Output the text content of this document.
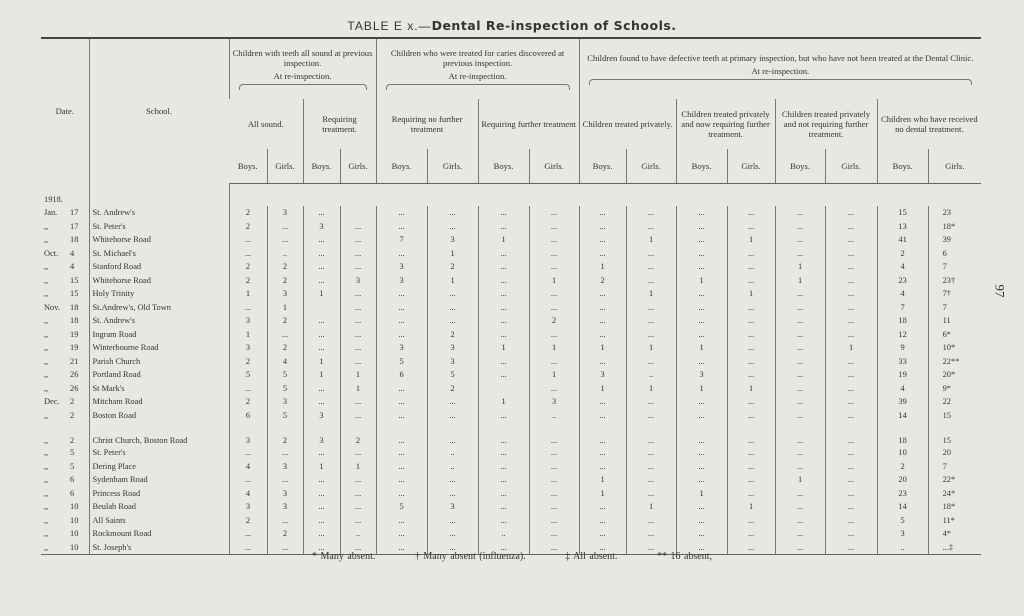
TABLE E x.—Dental Re-inspection of Schools.
97
Date.	School.	Children with teeth all sound at previous inspection.
At re-inspection.				Children who were treated for caries discovered at previous inspection.
At re-inspection.				Children found to have defective teeth at primary inspection, but who have not been treated at the Dental Clinic.
At re-inspection.							

		All sound.		Requiring treatment.		Requiring no further treatment		Requiring further treatment		Children treated privately.		Children treated privately and now requiring further treatment.		Children treated privately and not requiring further treatment.		Children who have received no dental treatment.	
		Boys.	Girls.	Boys.	Girls.	Boys.	Girls.	Boys.	Girls.	Boys.	Girls.	Boys.	Girls.	Boys.	Girls.	Boys.	Girls.
1918.																	
Jan. 17	St. Andrew's	2	3	...		...	...	...	...	...	...	...	...	...	...	15	23
,, 17	St. Peter's	2	...	3	...	...	...	...	...	...	...	...	...	...	...	13	18*
,, 18	Whitehorse Road	...	...	...	...	7	3	1	...	...	1	...	1	...	...	41	39
Oct. 4	St. Michael's	...	..	...	...	...	1	...	...	...	...	...	...	...	...	2	6
,, 4	Stanford Road	2	2	...	...	3	2	...	...	1	...	...	...	1	...	4	7
,, 15	Whitehorse Road	2	2	...	3	3	1	...	1	2	...	1	...	1	...	23	23†
,, 15	Holy Trinity	1	3	1	...	...	...	...	...	...	1	...	1	...	...	4	7†
Nov. 18	St.Andrew's, Old Town	...	1		...	...	...	...	...	...	...	...	...	...	...	7	7
,, 18	St. Andrew's	3	2	...	...	...	...	...	2	...	...	...	...	...	...	18	11
,, 19	Ingram Road	1	...	...	...	...	2	...	...	...	...	...	...	...	...	12	6*
,, 19	Winterbourne Road	3	2	...	...	3	3	1	1	1	1	1	...	...	1	9	10*
,, 21	Parish Church	2	4	1	...	5	3	...	...	...	...	...	...	...	...	33	22**
,, 26	Portland Road	5	5	1	1	6	5	...	1	3	..	3	...	...	...	19	20*
,, 26	St Mark's	...	5	...	1	...	2		...	1	1	1	1	...	...	4	9*
Dec. 2	Mitcham Road	2	3	...	...	...	...	1	3	...	...	...	...	...	...	39	22
,, 2	Boston Road	6	5	3	...	...	...	...	..	...	...	...	...	...	...	14	15
,, 2	Christ Church, Boston Road	3	2	3	2	...	...	...	...	...	...	...	...	...	...	18	15
,, 5	St. Peter's	...	...	...	...	...	..	...	...	...	...	...	...	...	...	10	20
,, 5	Dering Place	4	3	1	1	...	..	...	...	...	...	...	...	...	...	2	7
,, 6	Sydenham Road	...	...	...	...	...	...	...	...	1	...	...	...	1	...	20	22*
,, 6	Princess Road	4	3	...	...	...	...	...	...	1	...	1	...	...	...	23	24*
,, 10	Beulah Road	3	3	...	...	5	3	...	...	...	1	...	1	...	...	14	18*
,, 10	All Saints	2	...	...	...	...	...	...	...	...	...	...	...	...	...	5	11*
,, 10	Rockmount Road	...	2	...	..	...	...	..	...	...	...	...	...	...	...	3	4*
,, 10	St. Joseph's	...	...	...	...	...	...	...	...	...	...	...	...	...	...	..	...‡
* Many absent.	† Many absent (influenza).	‡ All absent.	** 16 absent,
